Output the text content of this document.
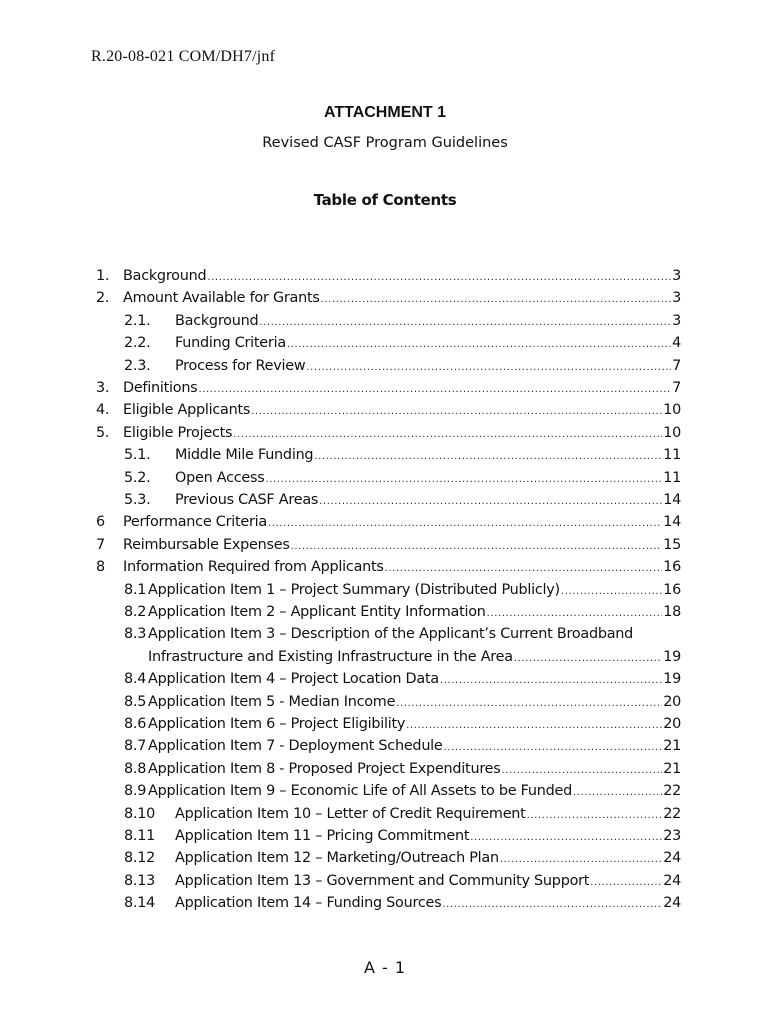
R.20-08-021 COM/DH7/jnf
ATTACHMENT 1
Revised CASF Program Guidelines
Table of Contents
1. Background .....	3
2. Amount Available for Grants .....	3
2.1. Background .....	3
2.2. Funding Criteria .....	4
2.3. Process for Review .....	7
3. Definitions .....	7
4. Eligible Applicants .....	10
5. Eligible Projects .....	10
5.1. Middle Mile Funding .....	11
5.2. Open Access .....	11
5.3. Previous CASF Areas .....	14
6 Performance Criteria .....	14
7 Reimbursable Expenses .....	15
8 Information Required from Applicants .....	16
8.1 Application Item 1 – Project Summary (Distributed Publicly) .....	16
8.2 Application Item 2 – Applicant Entity Information .....	18
8.3 Application Item 3 – Description of the Applicant’s Current Broadband
Infrastructure and Existing Infrastructure in the Area .....	19
8.4 Application Item 4 – Project Location Data .....	19
8.5 Application Item 5 - Median Income .....	20
8.6 Application Item 6 – Project Eligibility .....	20
8.7 Application Item 7 - Deployment Schedule .....	21
8.8 Application Item 8 - Proposed Project Expenditures .....	21
8.9 Application Item 9 – Economic Life of All Assets to be Funded .....	22
8.10 Application Item 10 – Letter of Credit Requirement .....	22
8.11 Application Item 11 – Pricing Commitment .....	23
8.12 Application Item 12 – Marketing/Outreach Plan .....	24
8.13 Application Item 13 – Government and Community Support .....	24
8.14 Application Item 14 – Funding Sources .....	24
A - 1
